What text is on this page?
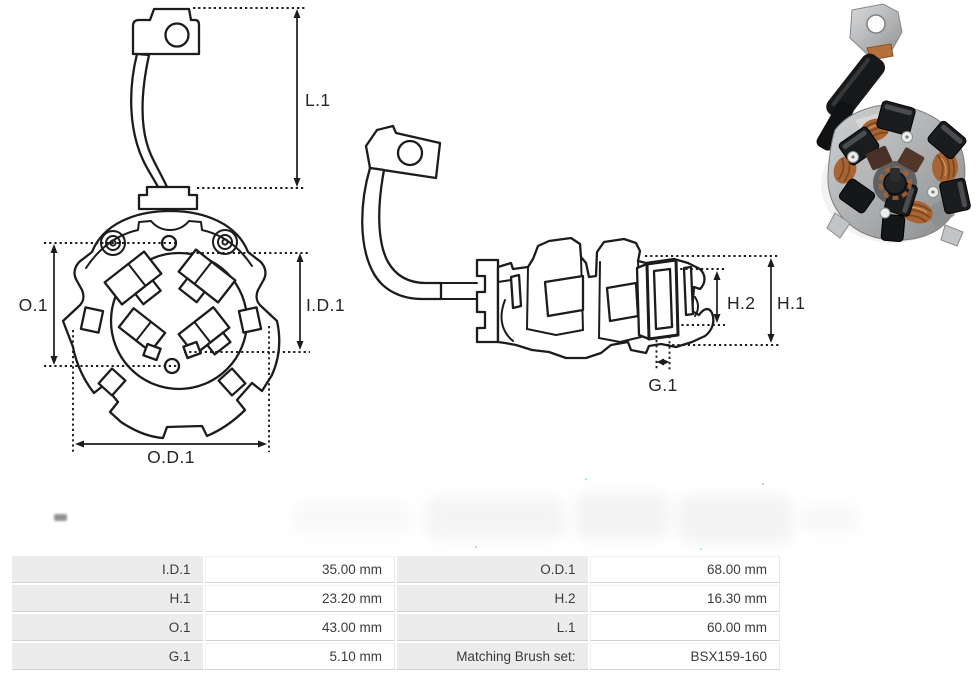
L.1
O.1	I.D.1
O.D.1
H.1
H.2
G.1
I.D.1	35.00 mm	O.D.1	68.00 mm
H.1	23.20 mm	H.2	16.30 mm
O.1	43.00 mm	L.1	60.00 mm
G.1	5.10 mm	Matching Brush set:	BSX159-160
